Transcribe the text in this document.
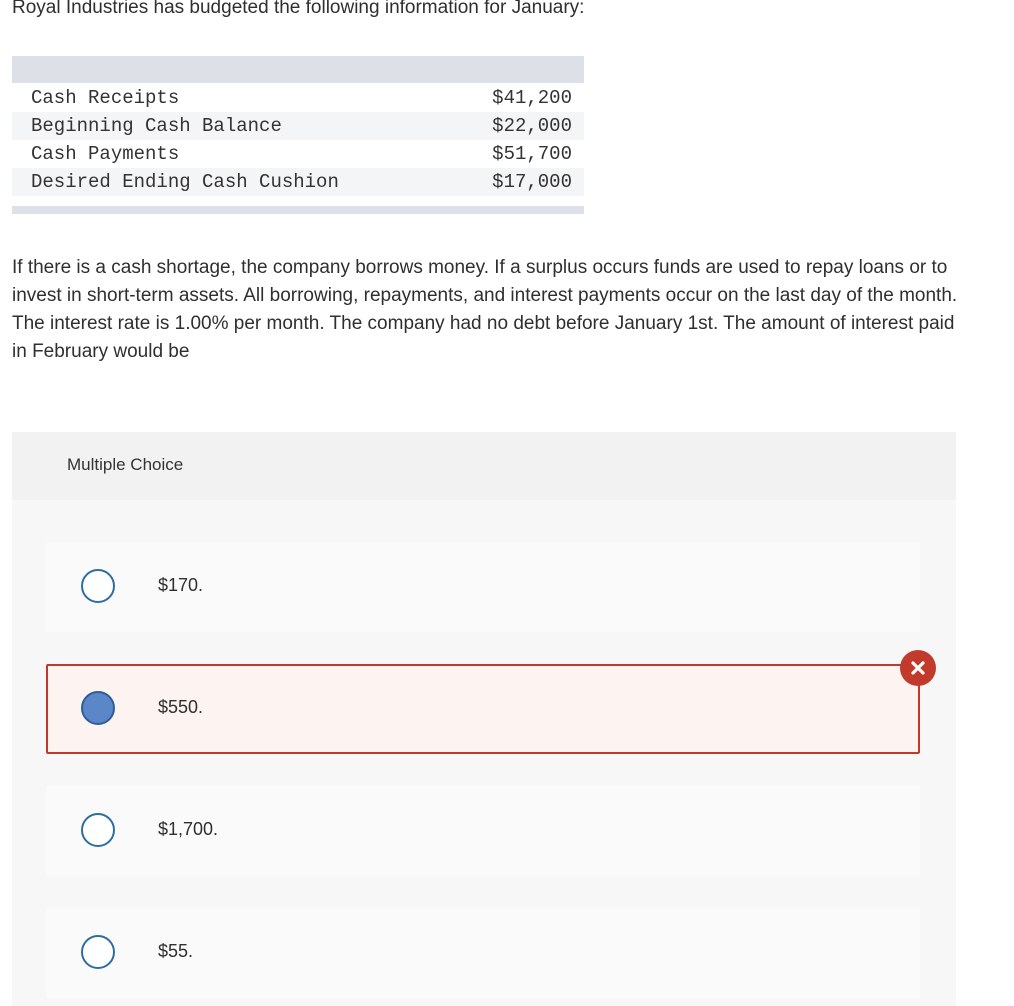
Royal Industries has budgeted the following information for January:

Cash Receipts	$41,200
Beginning Cash Balance	$22,000
Cash Payments	$51,700
Desired Ending Cash Cushion	$17,000

If there is a cash shortage, the company borrows money. If a surplus occurs funds are used to repay loans or to invest in short-term assets. All borrowing, repayments, and interest payments occur on the last day of the month. The interest rate is 1.00% per month. The company had no debt before January 1st. The amount of interest paid in February would be

Multiple Choice
$170.
$550.
$1,700.
$55.
